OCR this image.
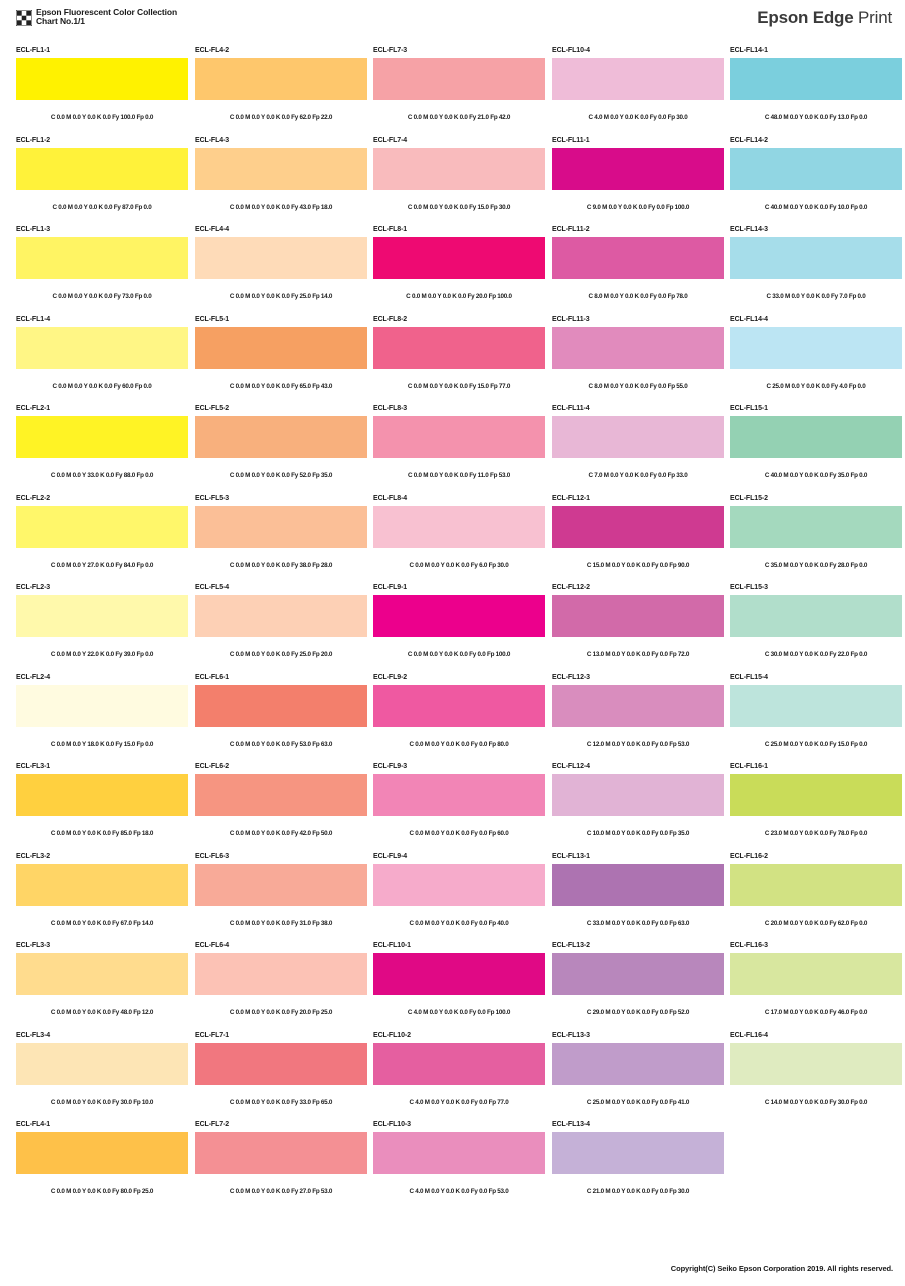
Epson Fluorescent Color Collection
Chart No.1/1	Epson Edge Print
ECL-FL1-1
C 0.0 M 0.0 Y 0.0 K 0.0 Fy 100.0 Fp 0.0
ECL-FL1-2
C 0.0 M 0.0 Y 0.0 K 0.0 Fy 87.0 Fp 0.0
ECL-FL1-3
C 0.0 M 0.0 Y 0.0 K 0.0 Fy 73.0 Fp 0.0
ECL-FL1-4
C 0.0 M 0.0 Y 0.0 K 0.0 Fy 60.0 Fp 0.0
ECL-FL2-1
C 0.0 M 0.0 Y 33.0 K 0.0 Fy 88.0 Fp 0.0
ECL-FL2-2
C 0.0 M 0.0 Y 27.0 K 0.0 Fy 84.0 Fp 0.0
ECL-FL2-3
C 0.0 M 0.0 Y 22.0 K 0.0 Fy 39.0 Fp 0.0
ECL-FL2-4
C 0.0 M 0.0 Y 18.0 K 0.0 Fy 15.0 Fp 0.0
ECL-FL3-1
C 0.0 M 0.0 Y 0.0 K 0.0 Fy 85.0 Fp 18.0
ECL-FL3-2
C 0.0 M 0.0 Y 0.0 K 0.0 Fy 67.0 Fp 14.0
ECL-FL3-3
C 0.0 M 0.0 Y 0.0 K 0.0 Fy 48.0 Fp 12.0
ECL-FL3-4
C 0.0 M 0.0 Y 0.0 K 0.0 Fy 30.0 Fp 10.0
ECL-FL4-1
C 0.0 M 0.0 Y 0.0 K 0.0 Fy 80.0 Fp 25.0
ECL-FL4-2
C 0.0 M 0.0 Y 0.0 K 0.0 Fy 62.0 Fp 22.0
ECL-FL4-3
C 0.0 M 0.0 Y 0.0 K 0.0 Fy 43.0 Fp 18.0
ECL-FL4-4
C 0.0 M 0.0 Y 0.0 K 0.0 Fy 25.0 Fp 14.0
ECL-FL5-1
C 0.0 M 0.0 Y 0.0 K 0.0 Fy 65.0 Fp 43.0
ECL-FL5-2
C 0.0 M 0.0 Y 0.0 K 0.0 Fy 52.0 Fp 35.0
ECL-FL5-3
C 0.0 M 0.0 Y 0.0 K 0.0 Fy 38.0 Fp 28.0
ECL-FL5-4
C 0.0 M 0.0 Y 0.0 K 0.0 Fy 25.0 Fp 20.0
ECL-FL6-1
C 0.0 M 0.0 Y 0.0 K 0.0 Fy 53.0 Fp 63.0
ECL-FL6-2
C 0.0 M 0.0 Y 0.0 K 0.0 Fy 42.0 Fp 50.0
ECL-FL6-3
C 0.0 M 0.0 Y 0.0 K 0.0 Fy 31.0 Fp 38.0
ECL-FL6-4
C 0.0 M 0.0 Y 0.0 K 0.0 Fy 20.0 Fp 25.0
ECL-FL7-1
C 0.0 M 0.0 Y 0.0 K 0.0 Fy 33.0 Fp 65.0
ECL-FL7-2
C 0.0 M 0.0 Y 0.0 K 0.0 Fy 27.0 Fp 53.0
ECL-FL7-3
C 0.0 M 0.0 Y 0.0 K 0.0 Fy 21.0 Fp 42.0
ECL-FL7-4
C 0.0 M 0.0 Y 0.0 K 0.0 Fy 15.0 Fp 30.0
ECL-FL8-1
C 0.0 M 0.0 Y 0.0 K 0.0 Fy 20.0 Fp 100.0
ECL-FL8-2
C 0.0 M 0.0 Y 0.0 K 0.0 Fy 15.0 Fp 77.0
ECL-FL8-3
C 0.0 M 0.0 Y 0.0 K 0.0 Fy 11.0 Fp 53.0
ECL-FL8-4
C 0.0 M 0.0 Y 0.0 K 0.0 Fy 6.0 Fp 30.0
ECL-FL9-1
C 0.0 M 0.0 Y 0.0 K 0.0 Fy 0.0 Fp 100.0
ECL-FL9-2
C 0.0 M 0.0 Y 0.0 K 0.0 Fy 0.0 Fp 80.0
ECL-FL9-3
C 0.0 M 0.0 Y 0.0 K 0.0 Fy 0.0 Fp 60.0
ECL-FL9-4
C 0.0 M 0.0 Y 0.0 K 0.0 Fy 0.0 Fp 40.0
ECL-FL10-1
C 4.0 M 0.0 Y 0.0 K 0.0 Fy 0.0 Fp 100.0
ECL-FL10-2
C 4.0 M 0.0 Y 0.0 K 0.0 Fy 0.0 Fp 77.0
ECL-FL10-3
C 4.0 M 0.0 Y 0.0 K 0.0 Fy 0.0 Fp 53.0
ECL-FL10-4
C 4.0 M 0.0 Y 0.0 K 0.0 Fy 0.0 Fp 30.0
ECL-FL11-1
C 9.0 M 0.0 Y 0.0 K 0.0 Fy 0.0 Fp 100.0
ECL-FL11-2
C 8.0 M 0.0 Y 0.0 K 0.0 Fy 0.0 Fp 78.0
ECL-FL11-3
C 8.0 M 0.0 Y 0.0 K 0.0 Fy 0.0 Fp 55.0
ECL-FL11-4
C 7.0 M 0.0 Y 0.0 K 0.0 Fy 0.0 Fp 33.0
ECL-FL12-1
C 15.0 M 0.0 Y 0.0 K 0.0 Fy 0.0 Fp 90.0
ECL-FL12-2
C 13.0 M 0.0 Y 0.0 K 0.0 Fy 0.0 Fp 72.0
ECL-FL12-3
C 12.0 M 0.0 Y 0.0 K 0.0 Fy 0.0 Fp 53.0
ECL-FL12-4
C 10.0 M 0.0 Y 0.0 K 0.0 Fy 0.0 Fp 35.0
ECL-FL13-1
C 33.0 M 0.0 Y 0.0 K 0.0 Fy 0.0 Fp 63.0
ECL-FL13-2
C 29.0 M 0.0 Y 0.0 K 0.0 Fy 0.0 Fp 52.0
ECL-FL13-3
C 25.0 M 0.0 Y 0.0 K 0.0 Fy 0.0 Fp 41.0
ECL-FL13-4
C 21.0 M 0.0 Y 0.0 K 0.0 Fy 0.0 Fp 30.0
ECL-FL14-1
C 48.0 M 0.0 Y 0.0 K 0.0 Fy 13.0 Fp 0.0
ECL-FL14-2
C 40.0 M 0.0 Y 0.0 K 0.0 Fy 10.0 Fp 0.0
ECL-FL14-3
C 33.0 M 0.0 Y 0.0 K 0.0 Fy 7.0 Fp 0.0
ECL-FL14-4
C 25.0 M 0.0 Y 0.0 K 0.0 Fy 4.0 Fp 0.0
ECL-FL15-1
C 40.0 M 0.0 Y 0.0 K 0.0 Fy 35.0 Fp 0.0
ECL-FL15-2
C 35.0 M 0.0 Y 0.0 K 0.0 Fy 28.0 Fp 0.0
ECL-FL15-3
C 30.0 M 0.0 Y 0.0 K 0.0 Fy 22.0 Fp 0.0
ECL-FL15-4
C 25.0 M 0.0 Y 0.0 K 0.0 Fy 15.0 Fp 0.0
ECL-FL16-1
C 23.0 M 0.0 Y 0.0 K 0.0 Fy 78.0 Fp 0.0
ECL-FL16-2
C 20.0 M 0.0 Y 0.0 K 0.0 Fy 62.0 Fp 0.0
ECL-FL16-3
C 17.0 M 0.0 Y 0.0 K 0.0 Fy 46.0 Fp 0.0
ECL-FL16-4
C 14.0 M 0.0 Y 0.0 K 0.0 Fy 30.0 Fp 0.0
Copyright(C) Seiko Epson Corporation 2019. All rights reserved.
